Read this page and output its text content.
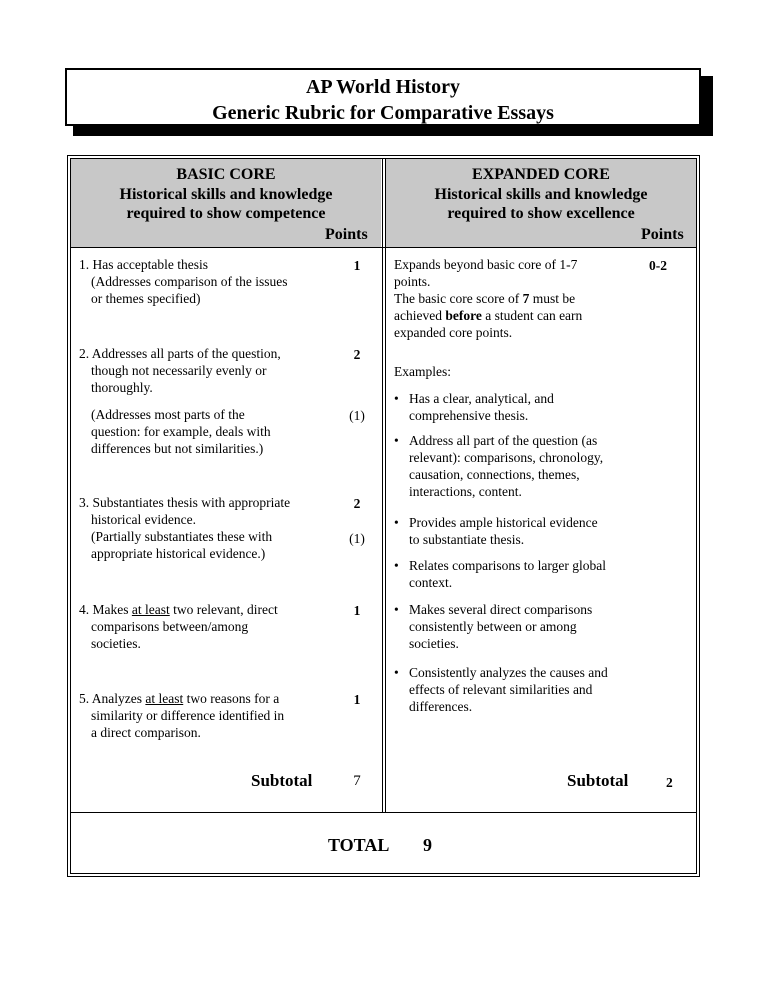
AP World History
Generic Rubric for Comparative Essays
BASIC CORE
Historical skills and knowledge
required to show competence
Points
EXPANDED CORE
Historical skills and knowledge
required to show excellence
Points
1. Has acceptable thesis
(Addresses comparison of the issues
or themes specified)
1
2. Addresses all parts of the question,
though not necessarily evenly or
thoroughly.
2
(Addresses most parts of the
question: for example, deals with
differences but not similarities.)
(1)
3. Substantiates thesis with appropriate
historical evidence.
(Partially substantiates these with
appropriate historical evidence.)
2
(1)
4. Makes at least two relevant, direct
comparisons between/among
societies.
1
5. Analyzes at least two reasons for a
similarity or difference identified in
a direct comparison.
1
Subtotal	7
Expands beyond basic core of 1-7
points.
The basic core score of 7 must be
achieved before a student can earn
expanded core points.
0-2
Examples:
• Has a clear, analytical, and
comprehensive thesis.
• Address all part of the question (as
relevant): comparisons, chronology,
causation, connections, themes,
interactions, content.
• Provides ample historical evidence
to substantiate thesis.
• Relates comparisons to larger global
context.
• Makes several direct comparisons
consistently between or among
societies.
• Consistently analyzes the causes and
effects of relevant similarities and
differences.
Subtotal	2
TOTAL 9
